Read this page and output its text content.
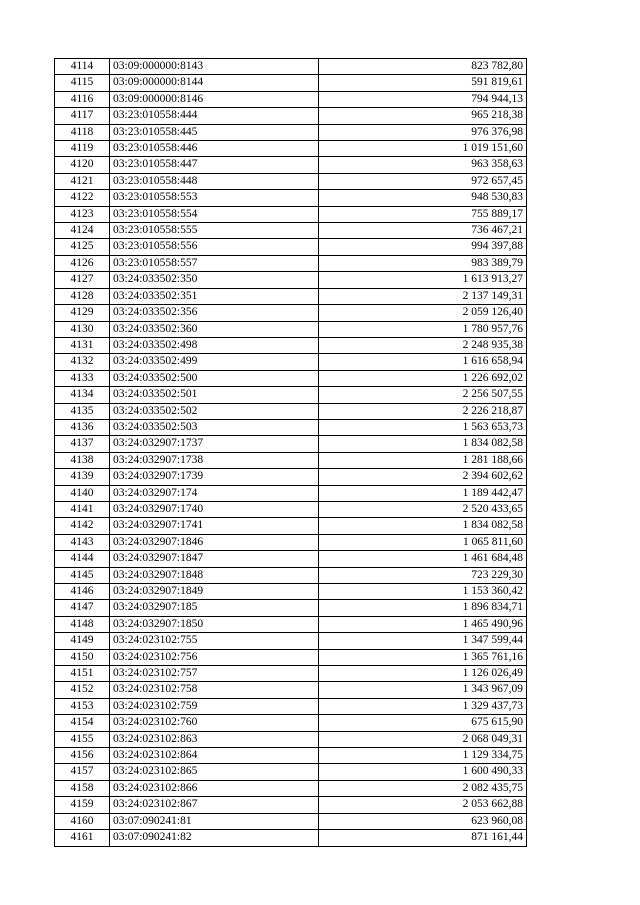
4114	03:09:000000:8143	823 782,80
4115	03:09:000000:8144	591 819,61
4116	03:09:000000:8146	794 944,13
4117	03:23:010558:444	965 218,38
4118	03:23:010558:445	976 376,98
4119	03:23:010558:446	1 019 151,60
4120	03:23:010558:447	963 358,63
4121	03:23:010558:448	972 657,45
4122	03:23:010558:553	948 530,83
4123	03:23:010558:554	755 889,17
4124	03:23:010558:555	736 467,21
4125	03:23:010558:556	994 397,88
4126	03:23:010558:557	983 389,79
4127	03:24:033502:350	1 613 913,27
4128	03:24:033502:351	2 137 149,31
4129	03:24:033502:356	2 059 126,40
4130	03:24:033502:360	1 780 957,76
4131	03:24:033502:498	2 248 935,38
4132	03:24:033502:499	1 616 658,94
4133	03:24:033502:500	1 226 692,02
4134	03:24:033502:501	2 256 507,55
4135	03:24:033502:502	2 226 218,87
4136	03:24:033502:503	1 563 653,73
4137	03:24:032907:1737	1 834 082,58
4138	03:24:032907:1738	1 281 188,66
4139	03:24:032907:1739	2 394 602,62
4140	03:24:032907:174	1 189 442,47
4141	03:24:032907:1740	2 520 433,65
4142	03:24:032907:1741	1 834 082,58
4143	03:24:032907:1846	1 065 811,60
4144	03:24:032907:1847	1 461 684,48
4145	03:24:032907:1848	723 229,30
4146	03:24:032907:1849	1 153 360,42
4147	03:24:032907:185	1 896 834,71
4148	03:24:032907:1850	1 465 490,96
4149	03:24:023102:755	1 347 599,44
4150	03:24:023102:756	1 365 761,16
4151	03:24:023102:757	1 126 026,49
4152	03:24:023102:758	1 343 967,09
4153	03:24:023102:759	1 329 437,73
4154	03:24:023102:760	675 615,90
4155	03:24:023102:863	2 068 049,31
4156	03:24:023102:864	1 129 334,75
4157	03:24:023102:865	1 600 490,33
4158	03:24:023102:866	2 082 435,75
4159	03:24:023102:867	2 053 662,88
4160	03:07:090241:81	623 960,08
4161	03:07:090241:82	871 161,44
